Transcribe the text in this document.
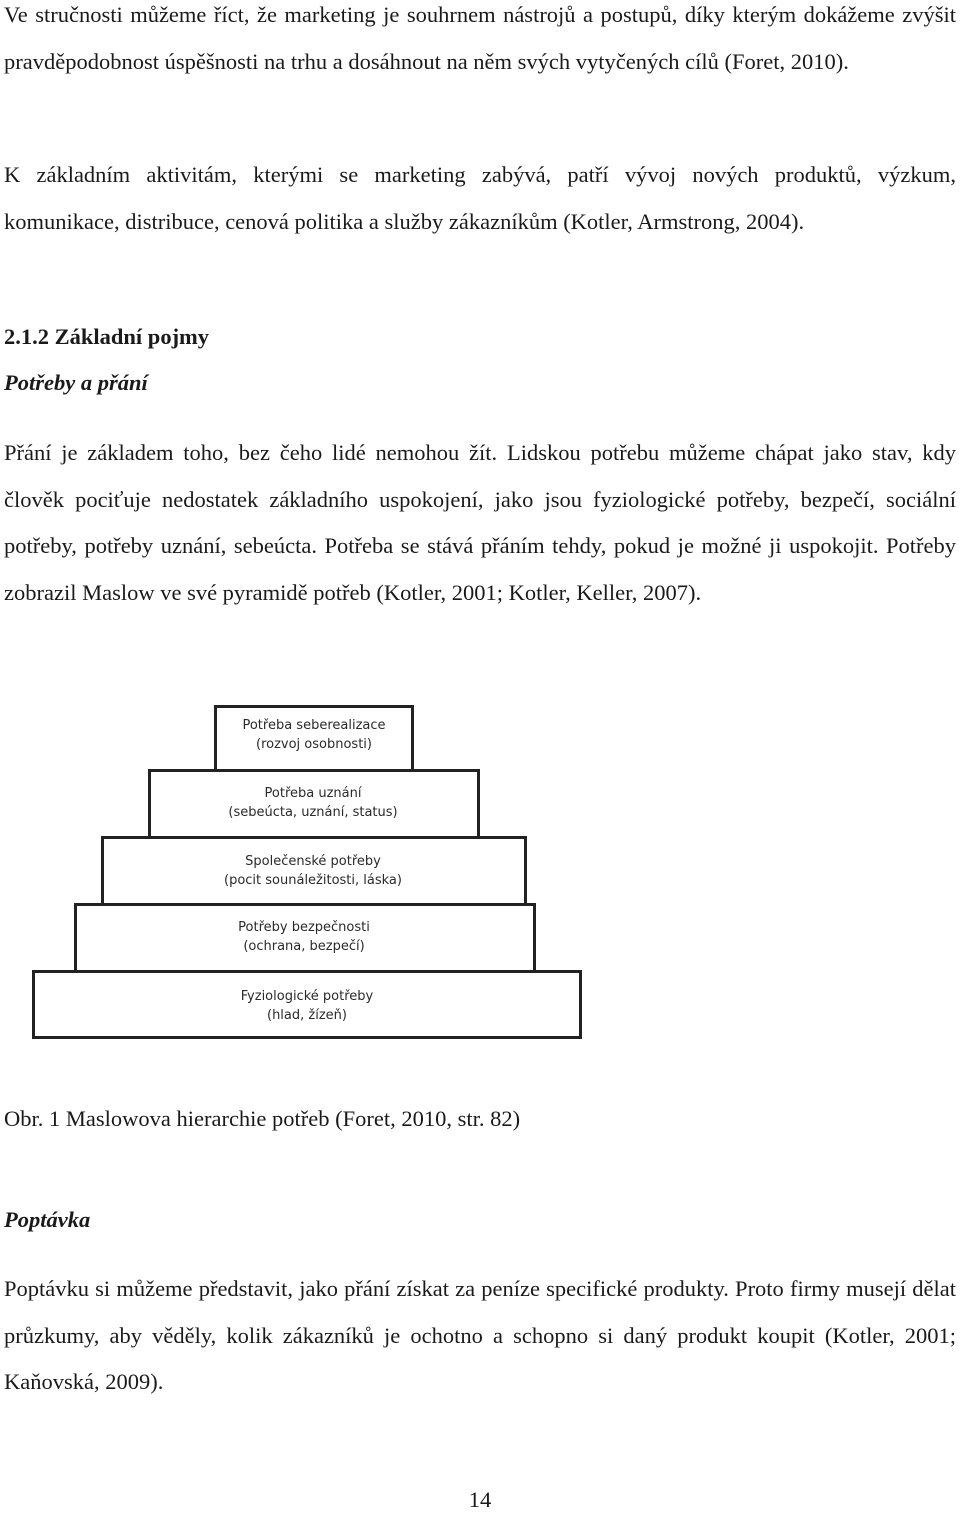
Ve stručnosti můžeme říct, že marketing je souhrnem nástrojů a postupů, díky kterým dokážeme zvýšit pravděpodobnost úspěšnosti na trhu a dosáhnout na něm svých vytyčených cílů (Foret, 2010).

K základním aktivitám, kterými se marketing zabývá, patří vývoj nových produktů, výzkum, komunikace, distribuce, cenová politika a služby zákazníkům (Kotler, Armstrong, 2004).

2.1.2 Základní pojmy

Potřeby a přání

Přání je základem toho, bez čeho lidé nemohou žít. Lidskou potřebu můžeme chápat jako stav, kdy člověk pociťuje nedostatek základního uspokojení, jako jsou fyziologické potřeby, bezpečí, sociální potřeby, potřeby uznání, sebeúcta. Potřeba se stává přáním tehdy, pokud je možné ji uspokojit. Potřeby zobrazil Maslow ve své pyramidě potřeb (Kotler, 2001; Kotler, Keller, 2007).

Potřeba seberealizace
(rozvoj osobnosti)
Potřeba uznání
(sebeúcta, uznání, status)
Společenské potřeby
(pocit sounáležitosti, láska)
Potřeby bezpečnosti
(ochrana, bezpečí)
Fyziologické potřeby
(hlad, žízeň)

Obr. 1 Maslowova hierarchie potřeb (Foret, 2010, str. 82)

Poptávka

Poptávku si můžeme představit, jako přání získat za peníze specifické produkty. Proto firmy musejí dělat průzkumy, aby věděly, kolik zákazníků je ochotno a schopno si daný produkt koupit (Kotler, 2001; Kaňovská, 2009).

14
